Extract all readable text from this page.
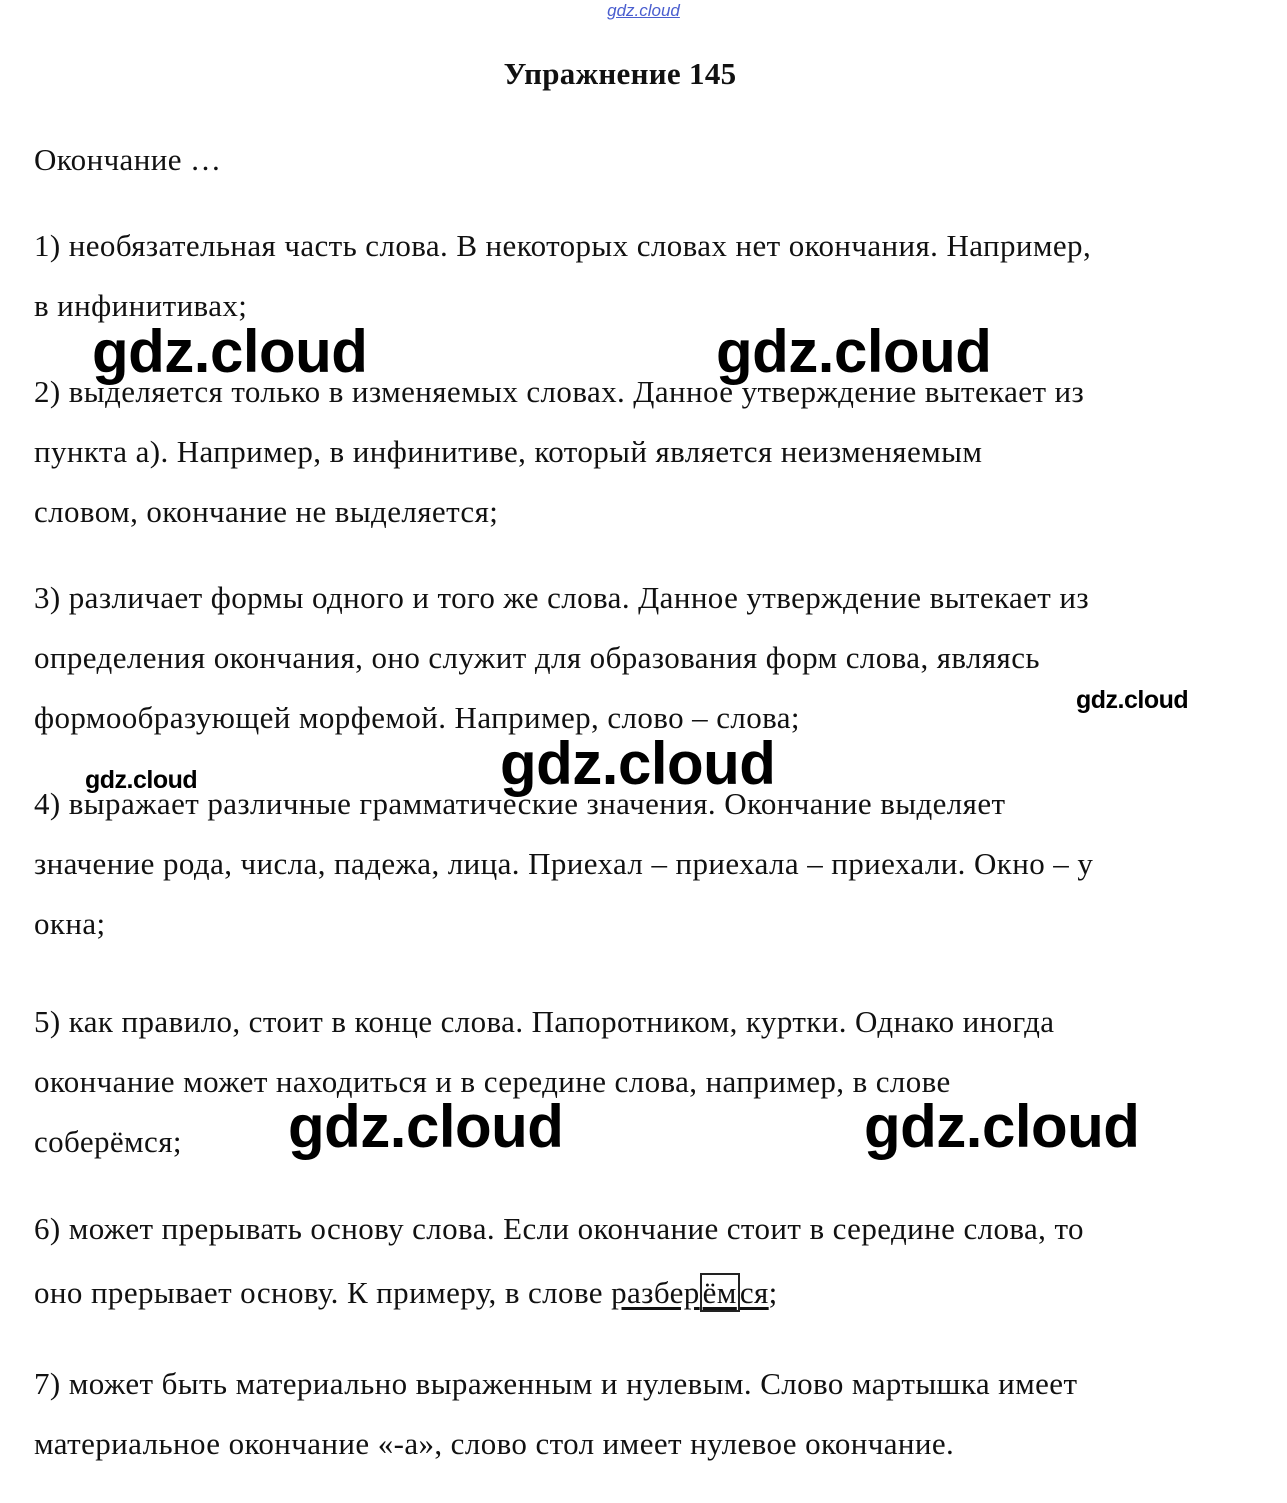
gdz.cloud
Упражнение 145
Окончание …
1) необязательная часть слова. В некоторых словах нет окончания. Например,
в инфинитивах;
2) выделяется только в изменяемых словах. Данное утверждение вытекает из
пункта а). Например, в инфинитиве, который является неизменяемым
словом, окончание не выделяется;
3) различает формы одного и того же слова. Данное утверждение вытекает из
определения окончания, оно служит для образования форм слова, являясь
формообразующей морфемой. Например, слово – слова;
4) выражает различные грамматические значения. Окончание выделяет
значение рода, числа, падежа, лица. Приехал – приехала – приехали. Окно – у
окна;
5) как правило, стоит в конце слова. Папоротником, куртки. Однако иногда
окончание может находиться и в середине слова, например, в слове
соберёмся;
6) может прерывать основу слова. Если окончание стоит в середине слова, то
оно прерывает основу. К примеру, в слове разберёмся;
7) может быть материально выраженным и нулевым. Слово мартышка имеет
материальное окончание «-а», слово стол имеет нулевое окончание.
gdz.cloud	gdz.cloud
gdz.cloud
gdz.cloud
gdz.cloud
gdz.cloud	gdz.cloud
